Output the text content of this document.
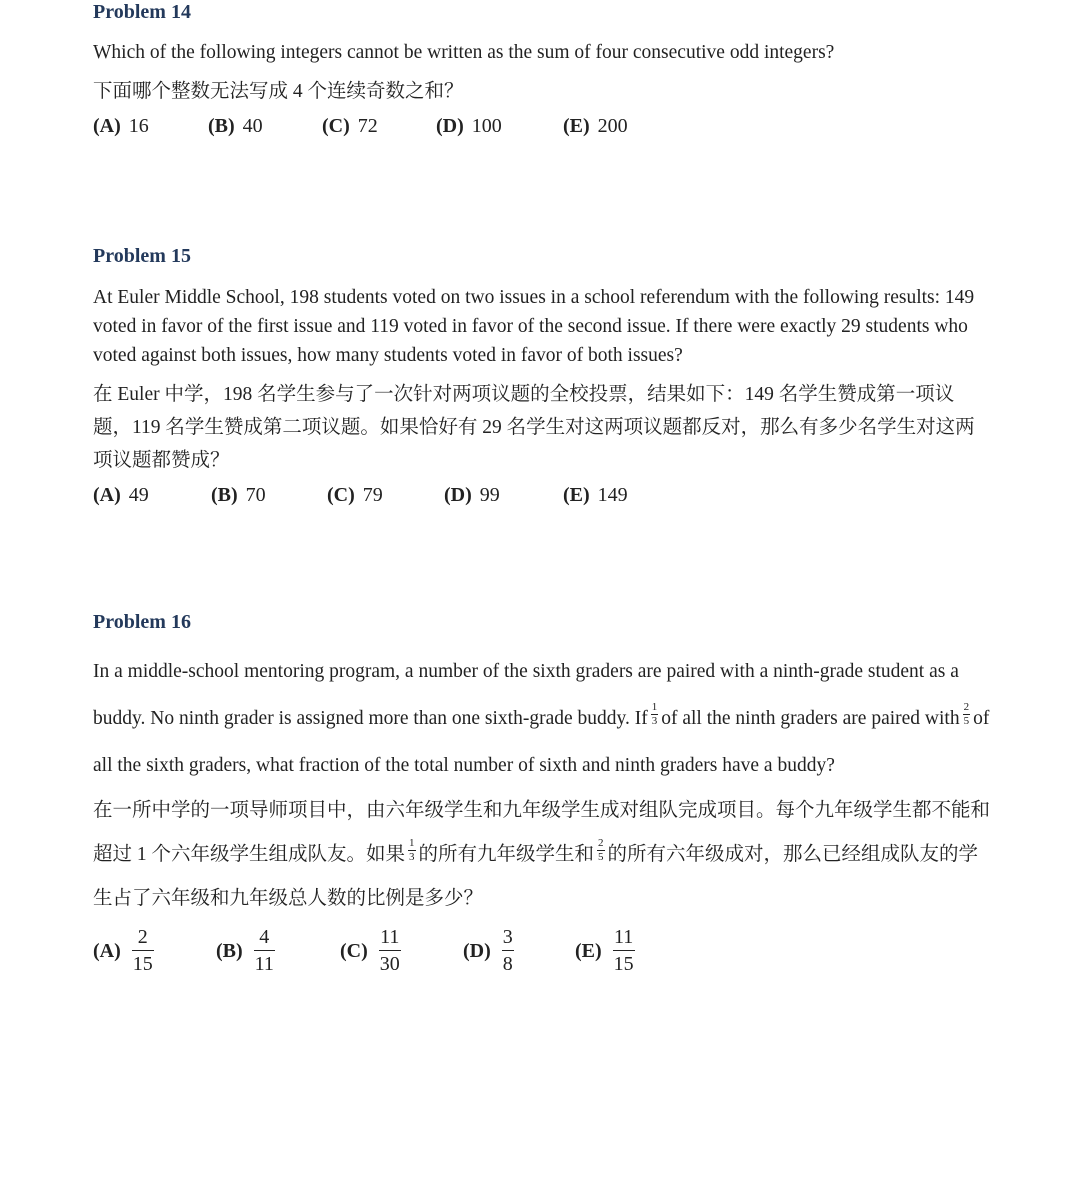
Problem 14

Which of the following integers cannot be written as the sum of four consecutive odd integers?

下面哪个整数无法写成 4 个连续奇数之和？

(A) 16	(B) 40	(C) 72	(D) 100	(E) 200
Problem 15

At Euler Middle School, 198 students voted on two issues in a school referendum with the following results: 149 voted in favor of the first issue and 119 voted in favor of the second issue. If there were exactly 29 students who voted against both issues, how many students voted in favor of both issues?

在 Euler 中学，198 名学生参与了一次针对两项议题的全校投票，结果如下：149 名学生赞成第一项议题，119 名学生赞成第二项议题。如果恰好有 29 名学生对这两项议题都反对，那么有多少名学生对这两项议题都赞成？

(A) 49	(B) 70	(C) 79	(D) 99	(E) 149
Problem 16

In a middle-school mentoring program, a number of the sixth graders are paired with a ninth-grade student as a buddy. No ninth grader is assigned more than one sixth-grade buddy. If $\frac{1}{3}$ of all the ninth graders are paired with $\frac{2}{5}$ of all the sixth graders, what fraction of the total number of sixth and ninth graders have a buddy?

在一所中学的一项导师项目中，由六年级学生和九年级学生成对组队完成项目。每个九年级学生都不能和超过 1 个六年级学生组成队友。如果 $\frac{1}{3}$ 的所有九年级学生和 $\frac{2}{5}$ 的所有六年级成对，那么已经组成队友的学生占了六年级和九年级总人数的比例是多少？

$(A) \frac{2}{15}$	$(B) \frac{4}{11}$	$(C) \frac{11}{30}$	$(D) \frac{3}{8}$	$(E) \frac{11}{15}$
